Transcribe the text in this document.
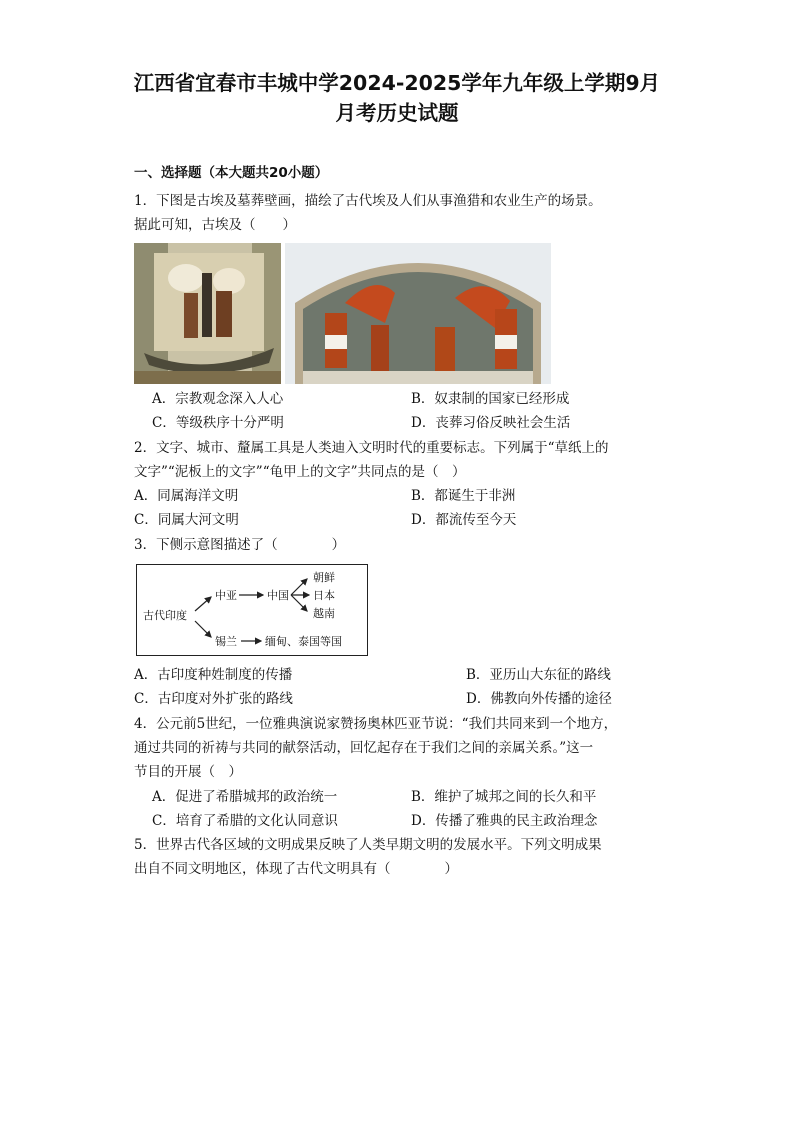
江西省宜春市丰城中学2024-2025学年九年级上学期9月
月考历史试题
一、选择题（本大题共20小题）
1．下图是古埃及墓葬壁画，描绘了古代埃及人们从事渔猎和农业生产的场景。
据此可知，古埃及（　　）
A．宗教观念深入人心	B．奴隶制的国家已经形成
C．等级秩序十分严明	D．丧葬习俗反映社会生活
2．文字、城市、釐属工具是人类迪入文明时代的重要标志。下列属于“草纸上的
文字”“泥板上的文字”“龟甲上的文字”共同点的是（　）
A．同属海洋文明	B．都诞生于非洲
C．同属大河文明	D．都流传至今天
3．下侧示意图描述了（　　　　）
古代印度
中亚	中国
朝鲜
日本
越南
锡兰	缅甸、泰国等国
A．古印度种姓制度的传播	B．亚历山大东征的路线
C．古印度对外扩张的路线	D．佛教向外传播的途径
4．公元前5世纪，一位雅典演说家赞扬奥林匹亚节说：“我们共同来到一个地方，
通过共同的祈祷与共同的献祭活动，回忆起存在于我们之间的亲属关系。”这一
节目的开展（　）
A．促进了希腊城邦的政治统一	B．维护了城邦之间的长久和平
C．培育了希腊的文化认同意识	D．传播了雅典的民主政治理念
5．世界古代各区域的文明成果反映了人类早期文明的发展水平。下列文明成果
出自不同文明地区，体现了古代文明具有（　　　　）
